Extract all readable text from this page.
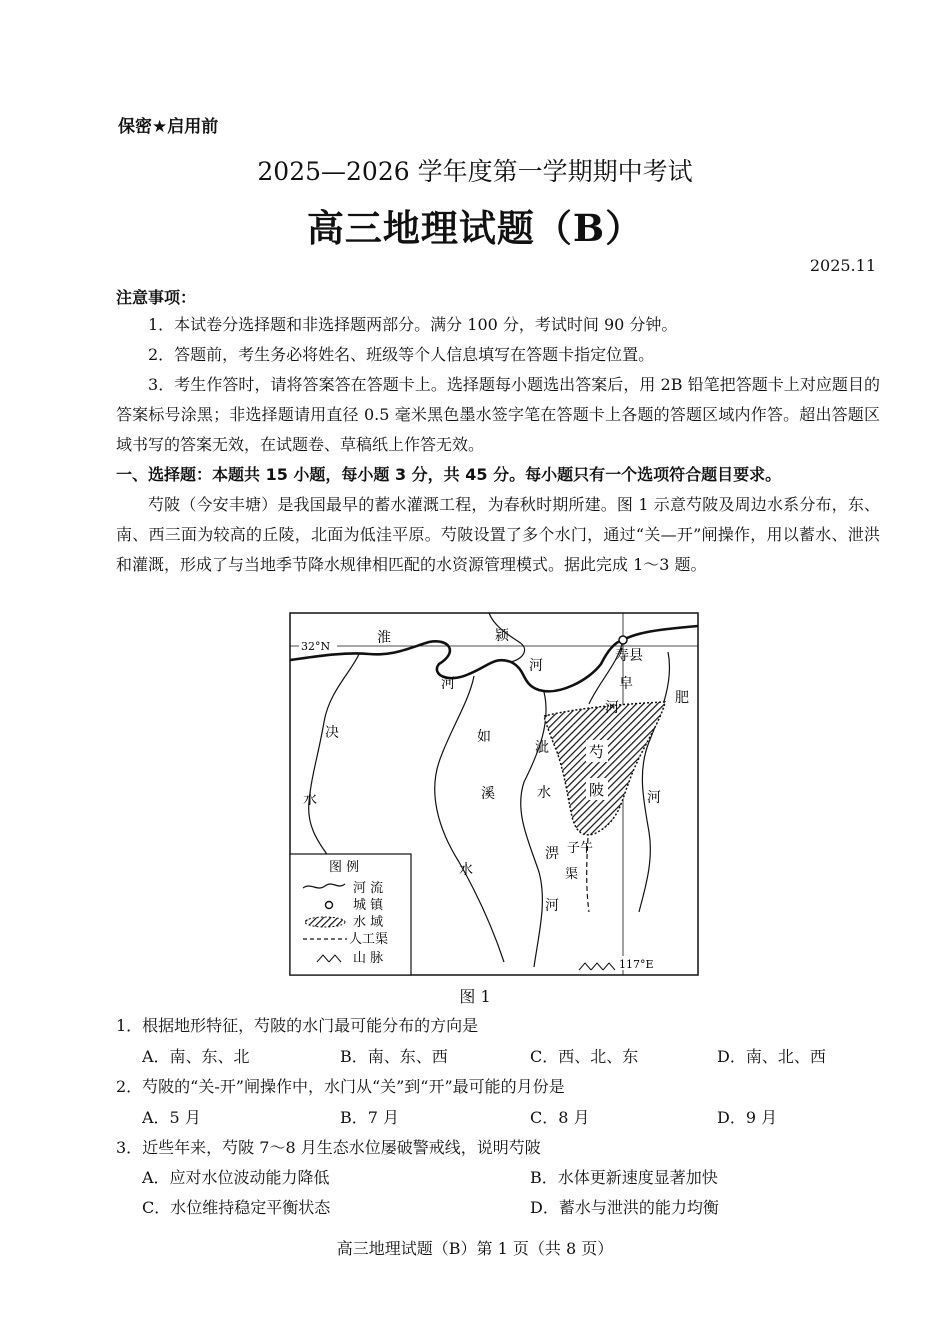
保密★启用前
2025—2026 学年度第一学期期中考试
高三地理试题（B）
2025.11
注意事项：
1．本试卷分选择题和非选择题两部分。满分 100 分，考试时间 90 分钟。
2．答题前，考生务必将姓名、班级等个人信息填写在答题卡指定位置。
3．考生作答时，请将答案答在答题卡上。选择题每小题选出答案后，用 2B 铅笔把答题卡上对应题目的答案标号涂黑；非选择题请用直径 0.5 毫米黑色墨水签字笔在答题卡上各题的答题区域内作答。超出答题区域书写的答案无效，在试题卷、草稿纸上作答无效。
一、选择题：本题共 15 小题，每小题 3 分，共 45 分。每小题只有一个选项符合题目要求。
芍陂（今安丰塘）是我国最早的蓄水灌溉工程，为春秋时期所建。图 1 示意芍陂及周边水系分布，东、南、西三面为较高的丘陵，北面为低洼平原。芍陂设置了多个水门，通过“关—开”闸操作，用以蓄水、泄洪和灌溉，形成了与当地季节降水规律相匹配的水资源管理模式。据此完成 1～3 题。
32°N
117°E
淮	颍
河
河
寿县
皁
河
肥
河
决
水
如
溪
水
泚
水
淠
河
芍
陂
子午
渠
图 例
河 流
城 镇
水 域
人工渠
山 脉
图 1
1．根据地形特征，芍陂的水门最可能分布的方向是
A．南、东、北	B．南、东、西	C．西、北、东	D．南、北、西
2．芍陂的“关-开”闸操作中，水门从“关”到“开”最可能的月份是
A．5 月	B．7 月	C．8 月	D．9 月
3．近些年来，芍陂 7～8 月生态水位屡破警戒线，说明芍陂
A．应对水位波动能力降低	B．水体更新速度显著加快
C．水位维持稳定平衡状态	D．蓄水与泄洪的能力均衡
高三地理试题（B）第 1 页（共 8 页）
